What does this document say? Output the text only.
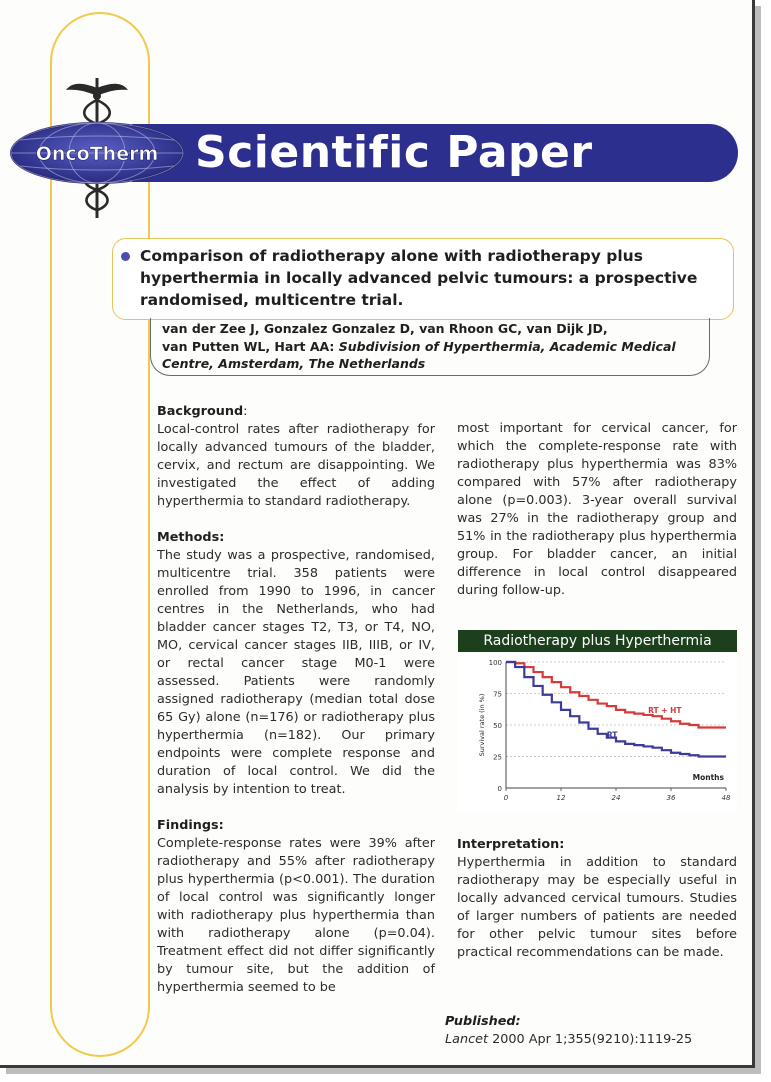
Scientific Paper
OncoTherm
Comparison of radiotherapy alone with radiotherapy plus hyperthermia in locally advanced pelvic tumours: a prospective randomised, multicentre trial.
van der Zee J, Gonzalez Gonzalez D, van Rhoon GC, van Dijk JD,
van Putten WL, Hart AA: Subdivision of Hyperthermia, Academic Medical
Centre, Amsterdam, The Netherlands
Background:
Local-control rates after radiotherapy for locally advanced tumours of the bladder, cervix, and rectum are disappointing. We investigated the effect of adding hyperthermia to standard radiotherapy.
Methods:
The study was a prospective, randomised, multicentre trial. 358 patients were enrolled from 1990 to 1996, in cancer centres in the Netherlands, who had bladder cancer stages T2, T3, or T4, NO, MO, cervical cancer stages IIB, IIIB, or IV, or rectal cancer stage M0-1 were assessed. Patients were randomly assigned radiotherapy (median total dose 65 Gy) alone (n=176) or radiotherapy plus hyperthermia (n=182). Our primary endpoints were complete response and duration of local control. We did the analysis by intention to treat.
Findings:
Complete-response rates were 39% after radiotherapy and 55% after radiotherapy plus hyperthermia (p<0.001). The duration of local control was significantly longer with radiotherapy plus hyperthermia than with radiotherapy alone (p=0.04). Treatment effect did not differ significantly by tumour site, but the addition of hyperthermia seemed to be
most important for cervical cancer, for which the complete-response rate with radiotherapy plus hyperthermia was 83% compared with 57% after radiotherapy alone (p=0.003). 3-year overall survival was 27% in the radiotherapy group and 51% in the radiotherapy plus hyperthermia group. For bladder cancer, an initial difference in local control disappeared during follow-up.
Radiotherapy plus Hyperthermia
100
75
50
25
0
0	12	24	36	48
RT + HT
RT
Months
Survival rate (in %)
Interpretation:
Hyperthermia in addition to standard radiotherapy may be especially useful in locally advanced cervical tumours. Studies of larger numbers of patients are needed for other pelvic tumour sites before practical recommendations can be made.
Published:
Lancet 2000 Apr 1;355(9210):1119-25
